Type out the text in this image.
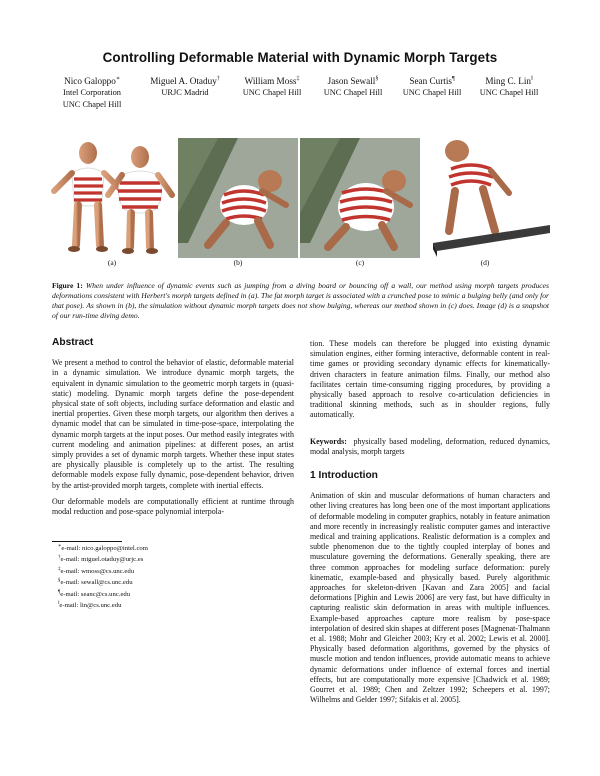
Controlling Deformable Material with Dynamic Morph Targets
Nico Galoppo∗
Intel Corporation
UNC Chapel Hill
Miguel A. Otaduy†
URJC Madrid
William Moss‡
UNC Chapel Hill
Jason Sewall§
UNC Chapel Hill
Sean Curtis¶
UNC Chapel Hill
Ming C. Lin‖
UNC Chapel Hill
(a)	(b)	(c)	(d)
Figure 1: When under influence of dynamic events such as jumping from a diving board or bouncing off a wall, our method using morph targets produces deformations consistent with Herbert's morph targets defined in (a). The fat morph target is associated with a crunched pose to mimic a bulging belly (and only for that pose). As shown in (b), the simulation without dynamic morph targets does not show bulging, whereas our method shown in (c) does. Image (d) is a snapshot of our run-time diving demo.
Abstract

We present a method to control the behavior of elastic, deformable material in a dynamic simulation. We introduce dynamic morph targets, the equivalent in dynamic simulation to the geometric morph targets in (quasi-static) modeling. Dynamic morph targets define the pose-dependent physical state of soft objects, including surface deformation and elastic and inertial properties. Given these morph targets, our algorithm then derives a dynamic model that can be simulated in time-pose-space, interpolating the dynamic morph targets at the input poses. Our method easily integrates with current modeling and animation pipelines: at different poses, an artist simply provides a set of dynamic morph targets. Whether these input states are physically plausible is completely up to the artist. The resulting deformable models expose fully dynamic, pose-dependent behavior, driven by the artist-provided morph targets, complete with inertial effects.

Our deformable models are computationally efficient at runtime through modal reduction and pose-space polynomial interpola-

∗e-mail: nico.galoppo@intel.com
†e-mail: miguel.otaduy@urjc.es
‡e-mail: wmoss@cs.unc.edu
§e-mail: sewall@cs.unc.edu
¶e-mail: seanc@cs.unc.edu
‖e-mail: lin@cs.unc.edu

tion. These models can therefore be plugged into existing dynamic simulation engines, either forming interactive, deformable content in real-time games or providing secondary dynamic effects for kinematically-driven characters in feature animation films. Finally, our method also facilitates certain time-consuming rigging procedures, by providing a physically based approach to resolve co-articulation deficiencies in traditional skinning methods, such as in shoulder regions, fully automatically.

Keywords: physically based modeling, deformation, reduced dynamics, modal analysis, morph targets

1 Introduction

Animation of skin and muscular deformations of human characters and other living creatures has long been one of the most important applications of deformable modeling in computer graphics, notably in feature animation and more recently in increasingly realistic computer games and interactive medical and training applications. Realistic deformation is a complex and subtle phenomenon due to the tightly coupled interplay of bones and musculature governing the deformations. Generally speaking, there are three common approaches for modeling surface deformation: purely kinematic, example-based and physically based. Purely algorithmic approaches for skeleton-driven [Kavan and Zara 2005] and facial deformations [Pighin and Lewis 2006] are very fast, but have difficulty in capturing realistic skin deformation in areas with multiple influences. Example-based approaches capture more realism by pose-space interpolation of desired skin shapes at different poses [Magnenat-Thalmann et al. 1988; Mohr and Gleicher 2003; Kry et al. 2002; Lewis et al. 2000]. Physically based deformation algorithms, governed by the physics of muscle motion and tendon influences, provide automatic means to achieve dynamic deformations under influence of external forces and inertial effects, but are computationally more expensive [Chadwick et al. 1989; Gourret et al. 1989; Chen and Zeltzer 1992; Scheepers et al. 1997; Wilhelms and Gelder 1997; Sifakis et al. 2005].
